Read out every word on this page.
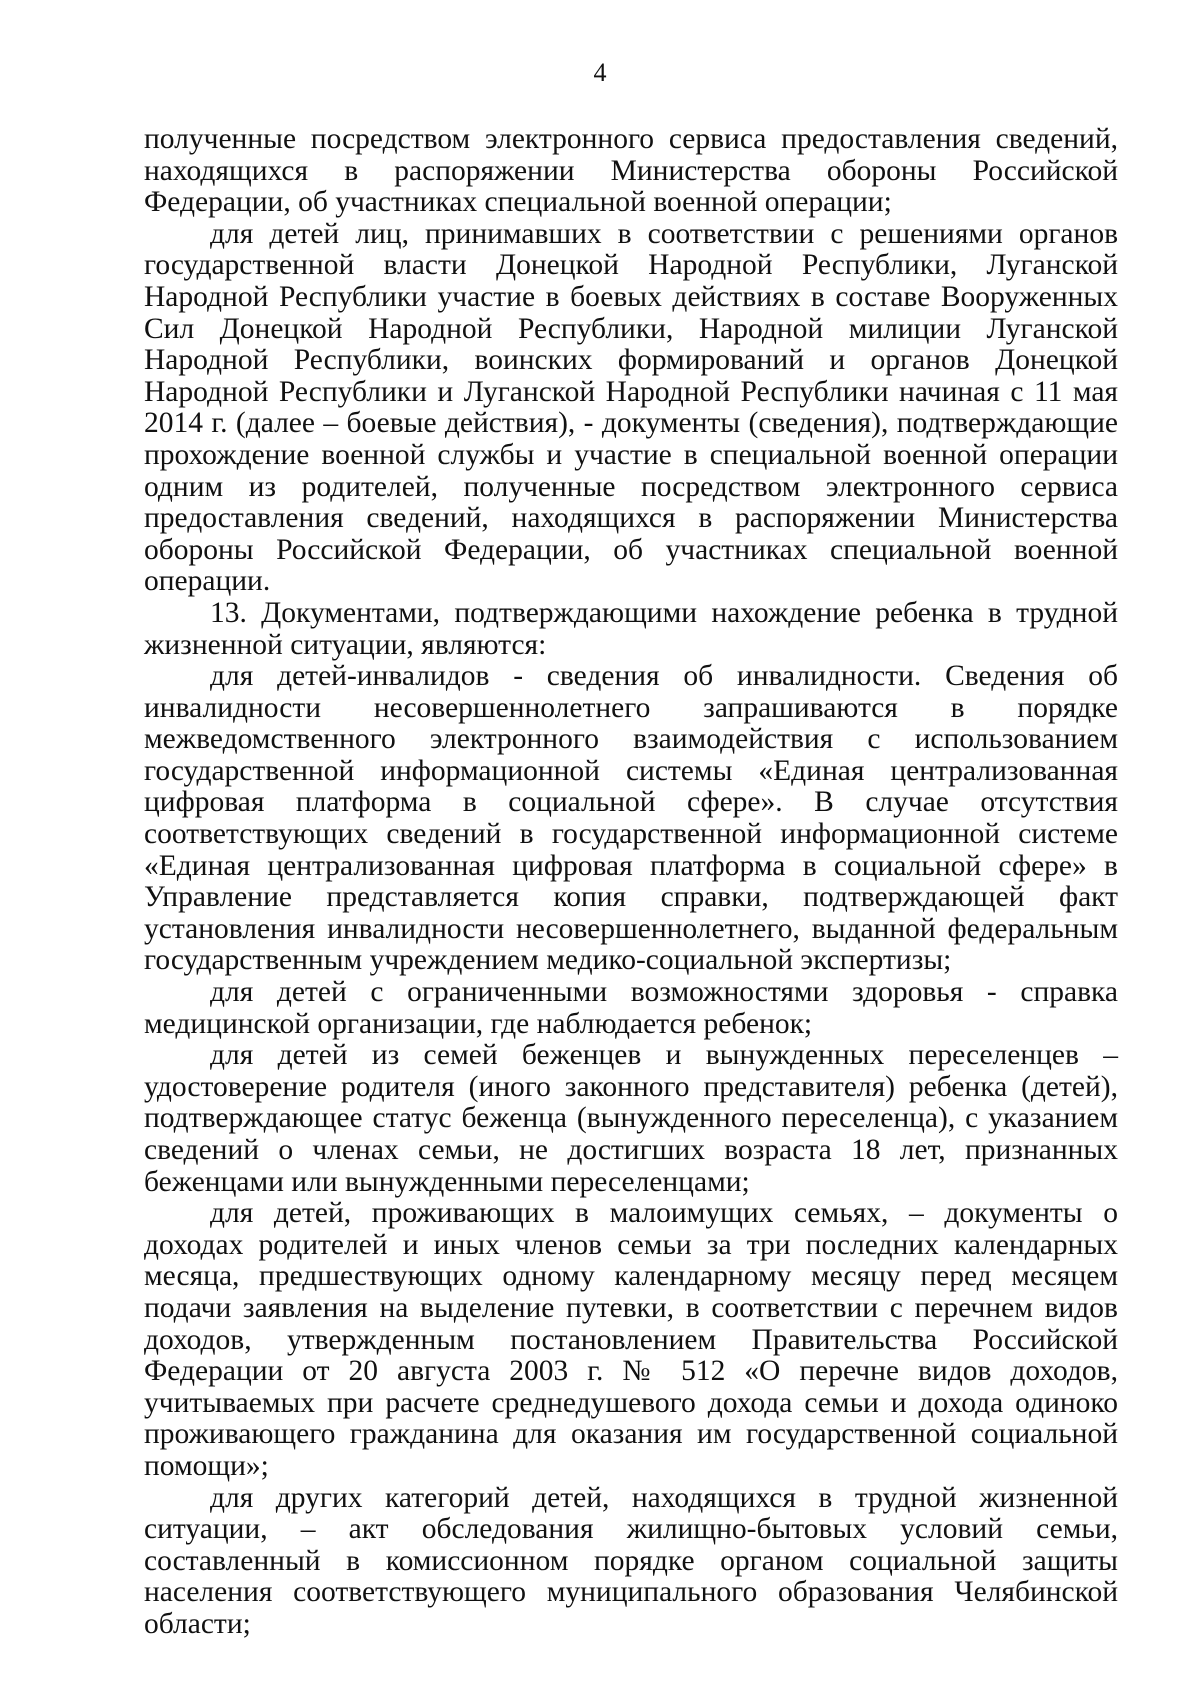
4

полученные посредством электронного сервиса предоставления сведений, находящихся в распоряжении Министерства обороны Российской Федерации, об участниках специальной военной операции;

для детей лиц, принимавших в соответствии с решениями органов государственной власти Донецкой Народной Республики, Луганской Народной Республики участие в боевых действиях в составе Вооруженных Сил Донецкой Народной Республики, Народной милиции Луганской Народной Республики, воинских формирований и органов Донецкой Народной Республики и Луганской Народной Республики начиная с 11 мая 2014 г. (далее – боевые действия), - документы (сведения), подтверждающие прохождение военной службы и участие в специальной военной операции одним из родителей, полученные посредством электронного сервиса предоставления сведений, находящихся в распоряжении Министерства обороны Российской Федерации, об участниках специальной военной операции.

13. Документами, подтверждающими нахождение ребенка в трудной жизненной ситуации, являются:

для детей-инвалидов - сведения об инвалидности. Сведения об инвалидности несовершеннолетнего запрашиваются в порядке межведомственного электронного взаимодействия с использованием государственной информационной системы «Единая централизованная цифровая платформа в социальной сфере». В случае отсутствия соответствующих сведений в государственной информационной системе «Единая централизованная цифровая платформа в социальной сфере» в Управление представляется копия справки, подтверждающей факт установления инвалидности несовершеннолетнего, выданной федеральным государственным учреждением медико-социальной экспертизы;

для детей с ограниченными возможностями здоровья - справка медицинской организации, где наблюдается ребенок;

для детей из семей беженцев и вынужденных переселенцев – удостоверение родителя (иного законного представителя) ребенка (детей), подтверждающее статус беженца (вынужденного переселенца), с указанием сведений о членах семьи, не достигших возраста 18 лет, признанных беженцами или вынужденными переселенцами;

для детей, проживающих в малоимущих семьях, – документы о доходах родителей и иных членов семьи за три последних календарных месяца, предшествующих одному календарному месяцу перед месяцем подачи заявления на выделение путевки, в соответствии с перечнем видов доходов, утвержденным постановлением Правительства Российской Федерации от 20 августа 2003 г. № 512 «О перечне видов доходов, учитываемых при расчете среднедушевого дохода семьи и дохода одиноко проживающего гражданина для оказания им государственной социальной помощи»;

для других категорий детей, находящихся в трудной жизненной ситуации, – акт обследования жилищно-бытовых условий семьи, составленный в комиссионном порядке органом социальной защиты населения соответствующего муниципального образования Челябинской области;
